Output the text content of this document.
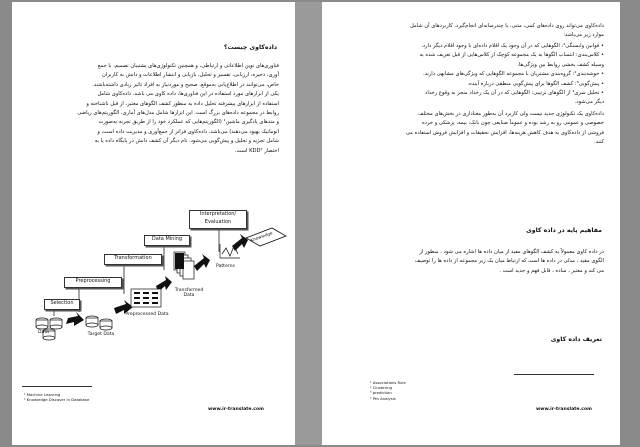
داده‌کاوی چیست؟

فناوری‌های نوین اطلاعاتی و ارتباطی، و همچنین تکنولوژی‌های پشتیبان تصمیم، با جمع‌

آوری، ذخیره، ارزیابی، تفسیر و تحلیل، بازیابی و انتشار اطلاعات و دانش به کاربران

خاص، می‌توانند در اطلاع‌یابی به‌موقع، صحیح و موردنیاز به افراد تاثیر زیادی داشته‌باشند.

یکی از ابزارهای مورد استفاده در این فناوری‌ها، داده کاوی می باشد. داده‌کاوی شامل

استفاده از ابزارهای پیشرفته تحلیل داده به منظور کشف الگوهای معتبر، از قبل ناشناخته و

روابط در مجموعه داده‌های بزرگ است. این ابزارها شامل مدل‌های آماری، الگوریتم‌های ریاضی

و متدهای یادگیری ماشین¹ (الگوریتم‌هایی که عملکرد خود را از طریق تجربه به‌صورت

اتوماتیک بهبود می‌دهند) می‌باشد. داده‌کاوی فراتر از جمع‌آوری و مدیریت داده است، و

شامل تجزیه و تحلیل و پیش‌گویی می‌شود. نام دیگر آن کشف دانش در پایگاه داده یا به

اختصار KDD² است.

Selection
Preprocessing
Transformation
Data Mining
Interpretation/ Evaluation
Data	Target Data
Preprocessed Data
Transformed Data
Patterns
Knowledge

¹ Machine Learning

² Knowledge Discover in Database

www.ir-translate.com

داده‌کاوی می‌تواند روی داده‌های کمی، متنی، یا چندرسانه‌ای انجام‌گیرد. کاربردهای آن شامل

موارد زیر می‌باشد:

• قوانین وابستگی¹: الگوهایی که در آن وجود یک اقلام داده‌ای با وجود اقلام دیگر دارد.

• کلاس‌بندی: انتساب الگوها به یک مجموعه کوچک از کلاس‌هایی از قبل تعریف شده به

وسیله کشف بخشی روابط بین ویژگی‌ها.

• خوشه‌بندی²: گروه‌بندی مشتریان با مجموعه الگوهایی که ویژگی‌های مشابهی دارند.

• پیش‌گویی³: کشف الگوها برای پیش‌گویی منطقی درباره آینده.

• تحلیل سری⁴ از الگوهای ترتیبی: الگوهایی که در آن یک رخداد منجر به وقوع رخداد

دیگر می‌شود.

داده‌کاوی یک تکنولوژی جدید نیست ولی کاربرد آن به‌طور معناداری در بخش‌های مختلف

خصوصی و عمومی رو به رشد بوده و عموماً صنایعی چون بانک، بیمه، پزشکی و خرده

فروشی از داده‌کاوی به هدف کاهش هزینه‌ها، افزایش تحقیقات و افزایش فروش استفاده می‌

کنند.

مفاهیم پایه در داده کاوی

در داده کاوی معمولاً به کشف الگوهای مفید از میان داده ها اشاره می شود . منظور از

الگوی مفید ، مدلی در داده ها است که ارتباط میان یک زیر مجموعه از داده ها را توصیف

می کند و معتبر ، ساده ، قابل فهم و جدید است .

تعریف داده کاوی

¹ Associations Rule

² Clustering

³ prediction

⁴ Pth Analysis

www.ir-translate.com
